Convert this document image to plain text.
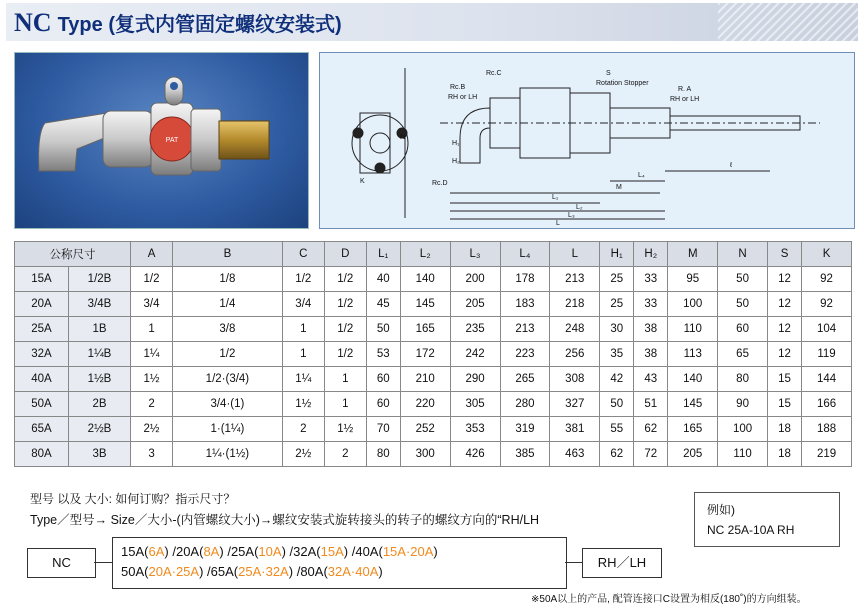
NC Type (复式内管固定螺纹安装式)
PAT
Rc.C
Rc.B
RH or LH
S
Rotation Stopper
R. A
RH or LH
H₁
H₂
N
K	Rc.D
L₄
M
L₁
L₂
L₃
L
ℓ
公称尺寸		A	B	C	D	L₁	L₂	L₃	L₄	L	H₁	H₂	M	N	S	K
15A	1/2B	1/2	1/8	1/2	1/2	40	140	200	178	213	25	33	95	50	12	92
20A	3/4B	3/4	1/4	3/4	1/2	45	145	205	183	218	25	33	100	50	12	92
25A	1B	1	3/8	1	1/2	50	165	235	213	248	30	38	110	60	12	104
32A	1¼B	1¼	1/2	1	1/2	53	172	242	223	256	35	38	113	65	12	119
40A	1½B	1½	1/2·(3/4)	1¼	1	60	210	290	265	308	42	43	140	80	15	144
50A	2B	2	3/4·(1)	1½	1	60	220	305	280	327	50	51	145	90	15	166
65A	2½B	2½	1·(1¼)	2	1½	70	252	353	319	381	55	62	165	100	18	188
80A	3B	3	1¼·(1½)	2½	2	80	300	426	385	463	62	72	205	110	18	219
型号 以及 大小: 如何订购？指示尺寸？
Type／型号→ Size／大小-(内管螺纹大小)→螺纹安装式旋转接头的转子的螺纹方向的“RH/LH
例如)
NC 25A-10A RH
NC
15A(6A) /20A(8A) /25A(10A) /32A(15A) /40A(15A·20A)
50A(20A·25A) /65A(25A·32A) /80A(32A·40A)
RH／LH
※50A以上的产品, 配管连接口C设置为相反(180˚)的方向组装。
